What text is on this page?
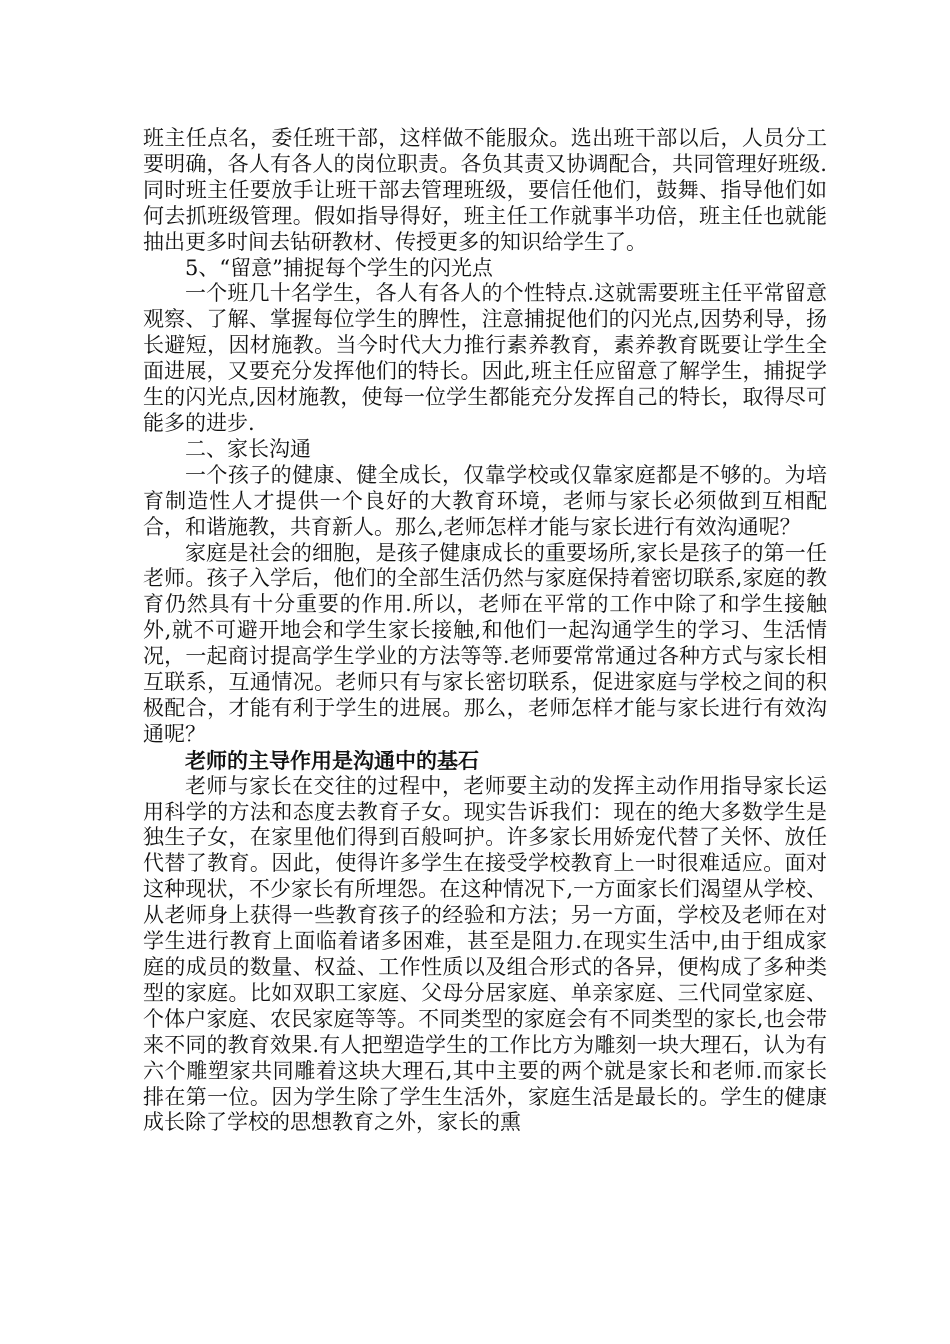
班主任点名，委任班干部，这样做不能服众。选出班干部以后，人员分工要明确，各人有各人的岗位职责。各负其责又协调配合，共同管理好班级.同时班主任要放手让班干部去管理班级，要信任他们，鼓舞、指导他们如何去抓班级管理。假如指导得好，班主任工作就事半功倍，班主任也就能抽出更多时间去钻研教材、传授更多的知识给学生了。

5、“留意”捕捉每个学生的闪光点

一个班几十名学生，各人有各人的个性特点.这就需要班主任平常留意观察、了解、掌握每位学生的脾性，注意捕捉他们的闪光点,因势利导，扬长避短，因材施教。当今时代大力推行素养教育，素养教育既要让学生全面进展，又要充分发挥他们的特长。因此,班主任应留意了解学生，捕捉学生的闪光点,因材施教，使每一位学生都能充分发挥自己的特长，取得尽可能多的进步.

二、家长沟通

一个孩子的健康、健全成长，仅靠学校或仅靠家庭都是不够的。为培育制造性人才提供一个良好的大教育环境，老师与家长必须做到互相配合，和谐施教，共育新人。那么,老师怎样才能与家长进行有效沟通呢？

家庭是社会的细胞，是孩子健康成长的重要场所,家长是孩子的第一任老师。孩子入学后，他们的全部生活仍然与家庭保持着密切联系,家庭的教育仍然具有十分重要的作用.所以，老师在平常的工作中除了和学生接触外,就不可避开地会和学生家长接触,和他们一起沟通学生的学习、生活情况，一起商讨提高学生学业的方法等等.老师要常常通过各种方式与家长相互联系，互通情况。老师只有与家长密切联系，促进家庭与学校之间的积极配合，才能有利于学生的进展。那么，老师怎样才能与家长进行有效沟通呢？

老师的主导作用是沟通中的基石

老师与家长在交往的过程中，老师要主动的发挥主动作用指导家长运用科学的方法和态度去教育子女。现实告诉我们：现在的绝大多数学生是独生子女，在家里他们得到百般呵护。许多家长用娇宠代替了关怀、放任代替了教育。因此，使得许多学生在接受学校教育上一时很难适应。面对这种现状，不少家长有所埋怨。在这种情况下,一方面家长们渴望从学校、从老师身上获得一些教育孩子的经验和方法；另一方面，学校及老师在对学生进行教育上面临着诸多困难，甚至是阻力.在现实生活中,由于组成家庭的成员的数量、权益、工作性质以及组合形式的各异，便构成了多种类型的家庭。比如双职工家庭、父母分居家庭、单亲家庭、三代同堂家庭、个体户家庭、农民家庭等等。不同类型的家庭会有不同类型的家长,也会带来不同的教育效果.有人把塑造学生的工作比方为雕刻一块大理石，认为有六个雕塑家共同雕着这块大理石,其中主要的两个就是家长和老师.而家长排在第一位。因为学生除了学生生活外，家庭生活是最长的。学生的健康成长除了学校的思想教育之外，家长的熏
